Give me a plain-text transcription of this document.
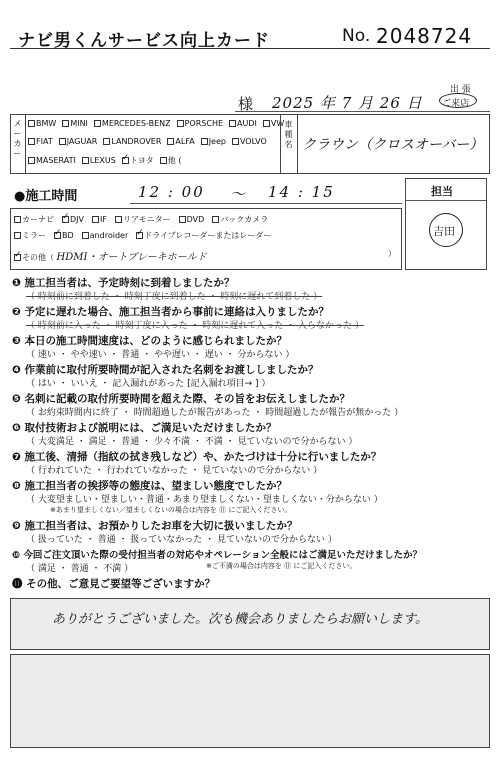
ナビ男くんサービス向上カード	No. 2048724
様 2025 年 7 月 26 日
出 張
ご来店
メーカー
BMW MINI MERCEDES-BENZ PORSCHE AUDI VW
FIAT JAGUAR LANDROVER ALFA Jeep VOLVO
MASERATI LEXUS ✓ トヨタ 他 (
車種名 クラウン（クロスオーバー）
●施工時間	12 : 00 〜 14 : 15	担当
吉田
カーナビ ✓ DJV IF リアモニター DVD バックカメラ
ミラー ✓ BD androider ✓ ドライブレコーダーまたはレーダー
✓その他（ HDMI・オートブレーキホールド	）
❶ 施工担当者は、予定時刻に到着しましたか？
（ 時刻前に到着した ・ 時刻丁度に到着した ・ 時刻に遅れて到着した ）
❷ 予定に遅れた場合、施工担当者から事前に連絡は入りましたか？
（ 時刻前に入った ・ 時刻丁度に入った ・ 時刻に遅れて入った ・ 入らなかった ）
❸ 本日の施工時間速度は、どのように感じられましたか？
（ 速い ・ やや速い ・ 普通 ・ やや遅い ・ 遅い ・ 分からない ）
❹ 作業前に取付所要時間が記入された名刺をお渡ししましたか？
（ はい ・ いいえ ・ 記入漏れがあった [記入漏れ項目→ ] ）
❺ 名刺に記載の取付所要時間を超えた際、その旨をお伝えしましたか？
（ お約束時間内に終了 ・ 時間超過したが報告があった ・ 時間超過したが報告が無かった ）
❻ 取付技術および説明には、ご満足いただけましたか？
（ 大変満足 ・ 満足 ・ 普通 ・ 少々不満 ・ 不満 ・ 見ていないので分からない ）
❼ 施工後、清掃（指紋の拭き残しなど）や、かたづけは十分に行いましたか？
（ 行われていた ・ 行われていなかった ・ 見ていないので分からない ）
❽ 施工担当者の挨拶等の態度は、望ましい態度でしたか？
（ 大変望ましい・望ましい・普通・あまり望ましくない・望ましくない・分からない ）
※あまり望ましくない／望ましくないの場合は内容を ⑪ にご記入ください。
❾ 施工担当者は、お預かりしたお車を大切に扱いましたか？
（ 扱っていた ・ 普通 ・ 扱っていなかった ・ 見ていないので分からない ）
❿ 今回ご注文頂いた際の受付担当者の対応やオペレーション全般にはご満足いただけましたか？
（ 満足 ・ 普通 ・ 不満 ）	※ご不満の場合は内容を ⑪ にご記入ください。
⓫ その他、ご意見ご要望等ございますか？
ありがとうございました。次も機会ありましたらお願いします。
